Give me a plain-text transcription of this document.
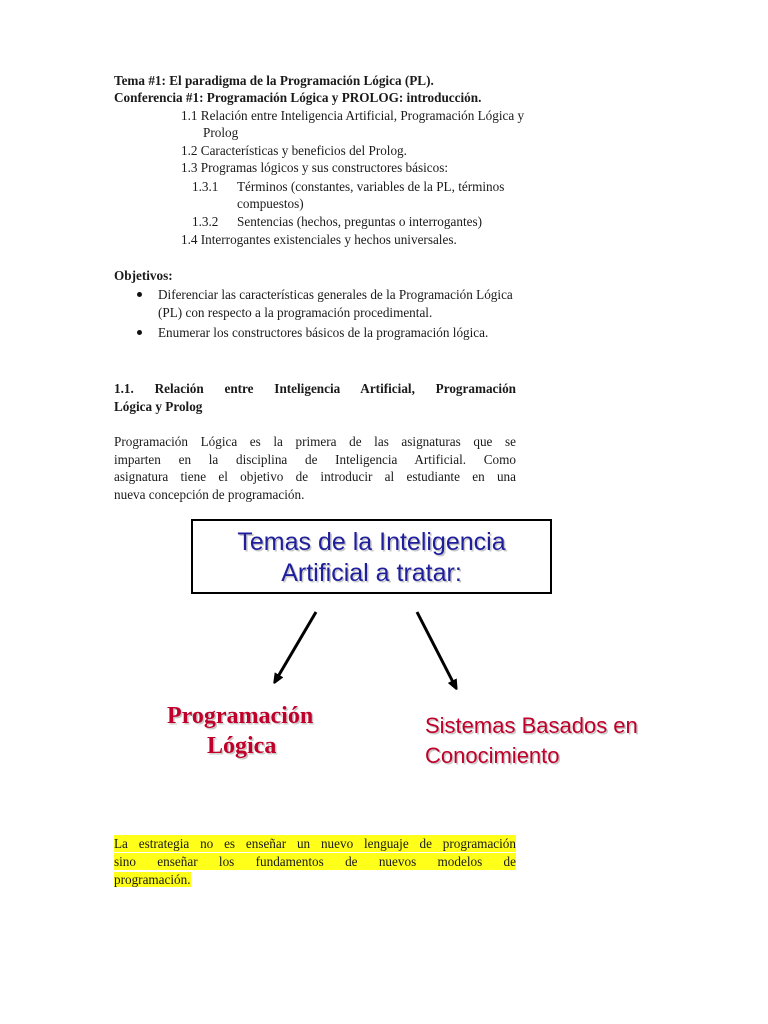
Tema #1: El paradigma de la Programación Lógica (PL).
Conferencia #1: Programación Lógica y PROLOG: introducción.
1.1 Relación entre Inteligencia Artificial, Programación Lógica y
Prolog
1.2 Características y beneficios del Prolog.
1.3 Programas lógicos y sus constructores básicos:
1.3.1 Términos (constantes, variables de la PL, términos
compuestos)
1.3.2 Sentencias (hechos, preguntas o interrogantes)
1.4 Interrogantes existenciales y hechos universales.
Objetivos:
Diferenciar las características generales de la Programación Lógica
(PL) con respecto a la programación procedimental.
Enumerar los constructores básicos de la programación lógica.
1.1. Relación entre Inteligencia Artificial, Programación
Lógica y Prolog
Programación Lógica es la primera de las asignaturas que se
imparten en la disciplina de Inteligencia Artificial. Como
asignatura tiene el objetivo de introducir al estudiante en una
nueva concepción de programación.
Temas de la Inteligencia
Artificial a tratar:
Programación
Lógica
Sistemas Basados en
Conocimiento
La estrategia no es enseñar un nuevo lenguaje de programación
sino enseñar los fundamentos de nuevos modelos de
programación.
